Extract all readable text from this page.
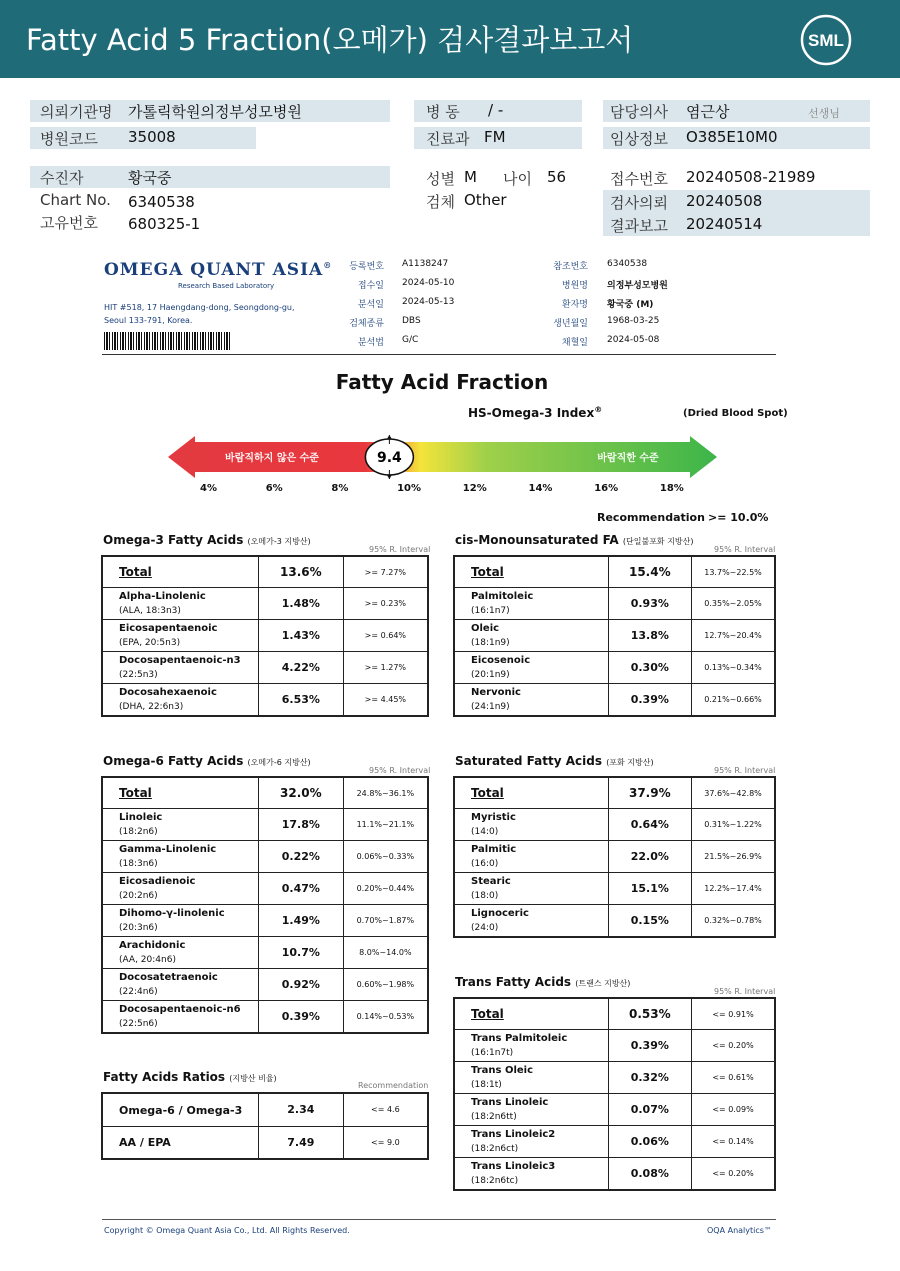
Fatty Acid 5 Fraction(오메가) 검사결과보고서	SML
의뢰기관명 가톨릭학원의정부성모병원
병원코드 35008
병 동 / -
진료과 FM
담당의사 염근상	선생님
임상정보 O385E10M0
수진자	황국중
Chart No. 6340538
고유번호 680325-1
성별 M 나이 56
검체 Other
접수번호 20240508-21989
검사의뢰 20240508
결과보고 20240514
OMEGA QUANT ASIA®
Research Based Laboratory
HIT #518, 17 Haengdang-dong, Seongdong-gu,
Seoul 133-791, Korea.
등록번호 A1138247
접수일 2024-05-10
분석일 2024-05-13
검체종류 DBS
분석법 G/C
참조번호 6340538
병원명 의정부성모병원
환자명 황국중 (M)
생년월일 1968-03-25
채혈일 2024-05-08
Fatty Acid Fraction
HS-Omega-3 Index®	(Dried Blood Spot)
바람직하지 않은 수준	바람직한 수준
9.4
4%	6%	8%	10%	12%	14%	16%	18%
Recommendation >= 10.0%
Omega-3 Fatty Acids (오메가-3 지방산)
95% R. Interval
cis-Monounsaturated FA (단일불포화 지방산)
95% R. Interval
Omega-6 Fatty Acids (오메가-6 지방산)
95% R. Interval
Saturated Fatty Acids (포화 지방산)
95% R. Interval
Trans Fatty Acids (트랜스 지방산)
95% R. Interval
Fatty Acids Ratios (지방산 비율)
Recommendation
Total	13.6%	>= 7.27%
Alpha-Linolenic
(ALA, 18:3n3)	1.48%	>= 0.23%
Eicosapentaenoic
(EPA, 20:5n3)	1.43%	>= 0.64%
Docosapentaenoic-n3
(22:5n3)	4.22%	>= 1.27%
Docosahexaenoic
(DHA, 22:6n3)	6.53%	>= 4.45%
Total	15.4%	13.7%~22.5%
Palmitoleic
(16:1n7)	0.93%	0.35%~2.05%
Oleic
(18:1n9)	13.8%	12.7%~20.4%
Eicosenoic
(20:1n9)	0.30%	0.13%~0.34%
Nervonic
(24:1n9)	0.39%	0.21%~0.66%
Total	32.0%	24.8%~36.1%
Linoleic
(18:2n6)	17.8%	11.1%~21.1%
Gamma-Linolenic
(18:3n6)	0.22%	0.06%~0.33%
Eicosadienoic
(20:2n6)	0.47%	0.20%~0.44%
Dihomo-γ-linolenic
(20:3n6)	1.49%	0.70%~1.87%
Arachidonic
(AA, 20:4n6)	10.7%	8.0%~14.0%
Docosatetraenoic
(22:4n6)	0.92%	0.60%~1.98%
Docosapentaenoic-n6
(22:5n6)	0.39%	0.14%~0.53%
Total	37.9%	37.6%~42.8%
Myristic
(14:0)	0.64%	0.31%~1.22%
Palmitic
(16:0)	22.0%	21.5%~26.9%
Stearic
(18:0)	15.1%	12.2%~17.4%
Lignoceric
(24:0)	0.15%	0.32%~0.78%
Total	0.53%	<= 0.91%
Trans Palmitoleic
(16:1n7t)	0.39%	<= 0.20%
Trans Oleic
(18:1t)	0.32%	<= 0.61%
Trans Linoleic
(18:2n6tt)	0.07%	<= 0.09%
Trans Linoleic2
(18:2n6ct)	0.06%	<= 0.14%
Trans Linoleic3
(18:2n6tc)	0.08%	<= 0.20%
Omega-6 / Omega-3	2.34	<= 4.6
AA / EPA	7.49	<= 9.0
Copyright © Omega Quant Asia Co., Ltd. All Rights Reserved.	OQA Analytics™
